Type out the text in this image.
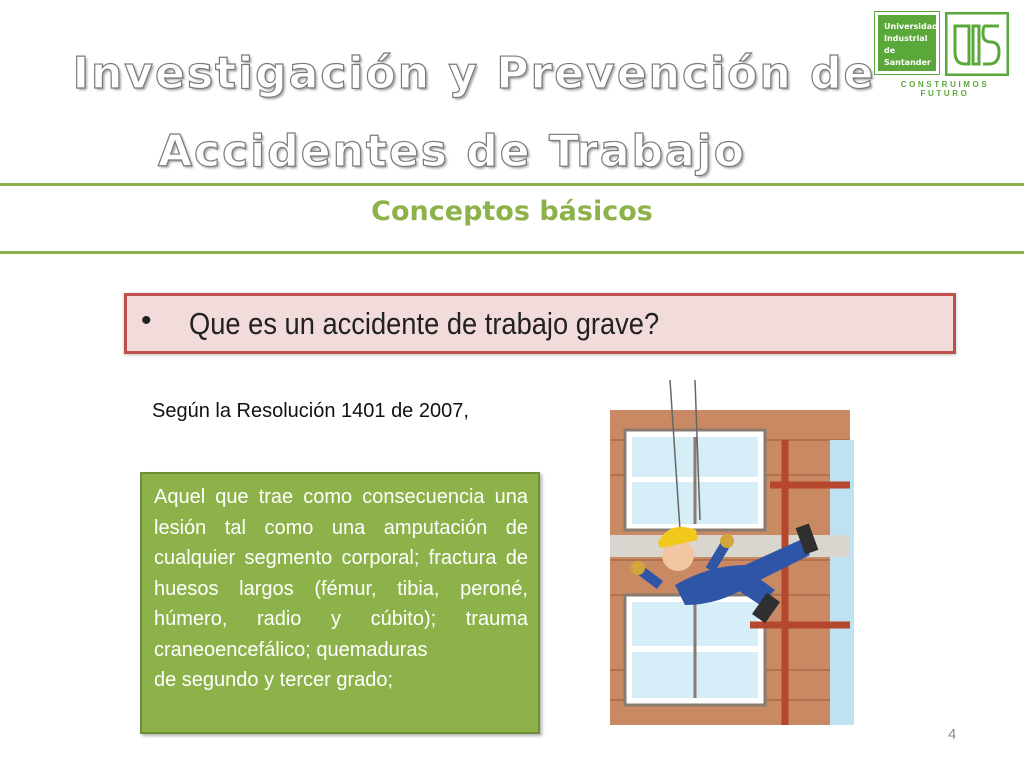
Investigación y Prevención de
Accidentes de Trabajo
Universidad
Industrial de
Santander
CONSTRUIMOS FUTURO
Conceptos básicos
• Que es un accidente de trabajo grave?
Según la Resolución 1401 de 2007,

Aquel que trae como consecuencia una lesión tal como una amputación de cualquier segmento corporal; fractura de huesos largos (fémur, tibia, peroné, húmero, radio y cúbito); trauma craneoencefálico; quemaduras

de segundo y tercer grado;

4
